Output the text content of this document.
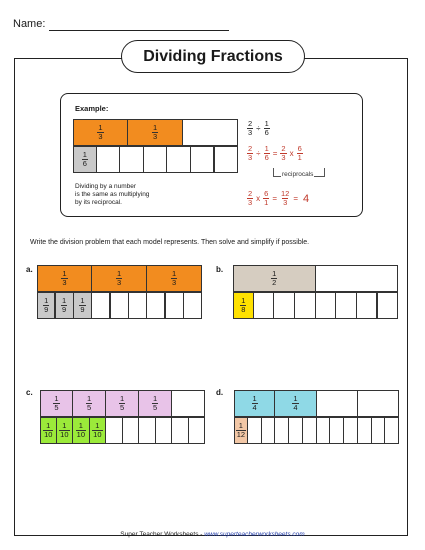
Name:
Dividing Fractions
Example:
$\frac{1}{3}$	$\frac{1}{3}$
$\frac{1}{6}$
$\frac{2}{3} \div \frac{1}{6}$
$\frac{2}{3} \div \frac{1}{6} = \frac{2}{3}$ x $\frac{6}{1}$
reciprocals
$\frac{2}{3}$ x $\frac{6}{1} = \frac{12}{3} = 4$
Dividing by a number
is the same as multiplying
by its reciprocal.
Write the division problem that each model represents. Then solve and simplify if possible.
a.	b.
c.	d.
$\frac{1}{3}$	$\frac{1}{3}$	$\frac{1}{3}$
$\frac{1}{9} \frac{1}{9} \frac{1}{9}$
$\frac{1}{2}$
$\frac{1}{8}$
$\frac{1}{5}$	$\frac{1}{5}$	$\frac{1}{5}$	$\frac{1}{5}$
$\frac{1}{10} \frac{1}{10} \frac{1}{10} \frac{1}{10}$
$\frac{1}{4}$	$\frac{1}{4}$
$\frac{1}{12}$
Super Teacher Worksheets - www.superteacherworksheets.com
